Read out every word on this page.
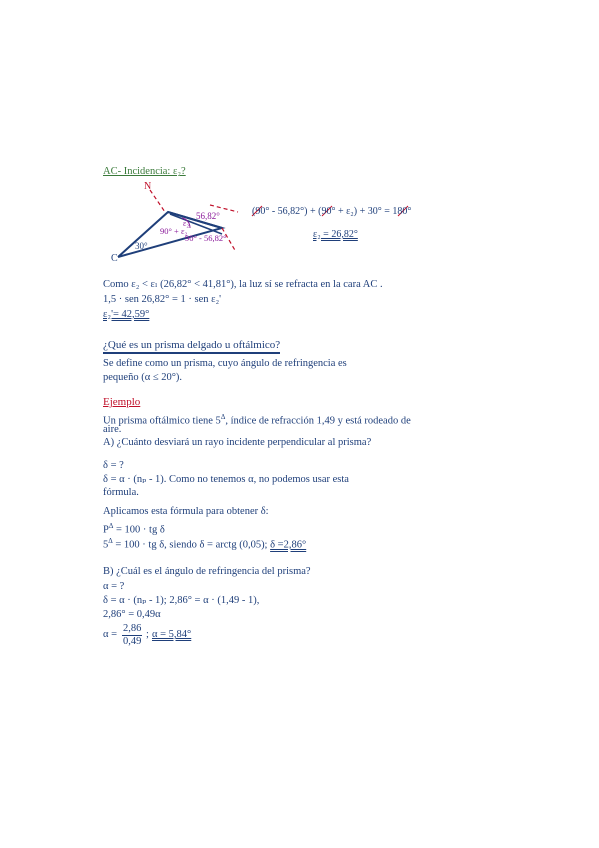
AC- Incidencia: ε₂?
N
C
30°
56,82°
ε₂
90° + ε₂
90° - 56,82°
(90° - 56,82°) + (90° + ε₂) + 30° = 180°
ε₂ = 26,82°
Como ε₂ < εₗ (26,82° < 41,81°), la luz sí se refracta en la cara AC .
1,5 · sen 26,82° = 1 · sen ε₂'
ε₂'= 42,59°
¿Qué es un prisma delgado u oftálmico?
Se define como un prisma, cuyo ángulo de refringencia es
pequeño (α ≤ 20°).
Ejemplo
Un prisma oftálmico tiene $5^\Delta$, índice de refracción 1,49 y está rodeado de
aire.
A) ¿Cuánto desviará un rayo incidente perpendicular al prisma?
δ = ?
δ = α · (nₚ - 1). Como no tenemos α, no podemos usar esta
fórmula.
Aplicamos esta fórmula para obtener δ:
$P^\Delta = 100$ · tg δ
$5^\Delta = 100$ · tg δ, siendo δ = arctg (0,05); δ =2,86°
B) ¿Cuál es el ángulo de refringencia del prisma?
α = ?
δ = α · (nₚ - 1); 2,86° = α · (1,49 - 1),
2,86° = 0,49α
$\alpha = \frac{2,86}{0,49}$ ; α = 5,84°
